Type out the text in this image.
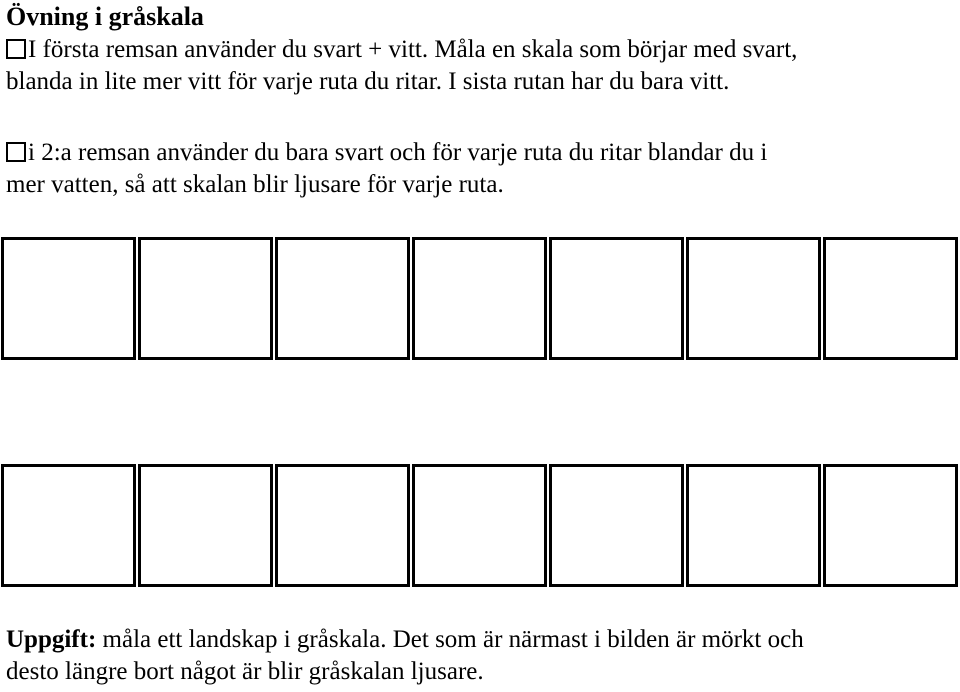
Övning i gråskala
I första remsan använder du svart + vitt. Måla en skala som börjar med svart,
blanda in lite mer vitt för varje ruta du ritar. I sista rutan har du bara vitt.
i 2:a remsan använder du bara svart och för varje ruta du ritar blandar du i
mer vatten, så att skalan blir ljusare för varje ruta.
Uppgift: måla ett landskap i gråskala. Det som är närmast i bilden är mörkt och
desto längre bort något är blir gråskalan ljusare.
